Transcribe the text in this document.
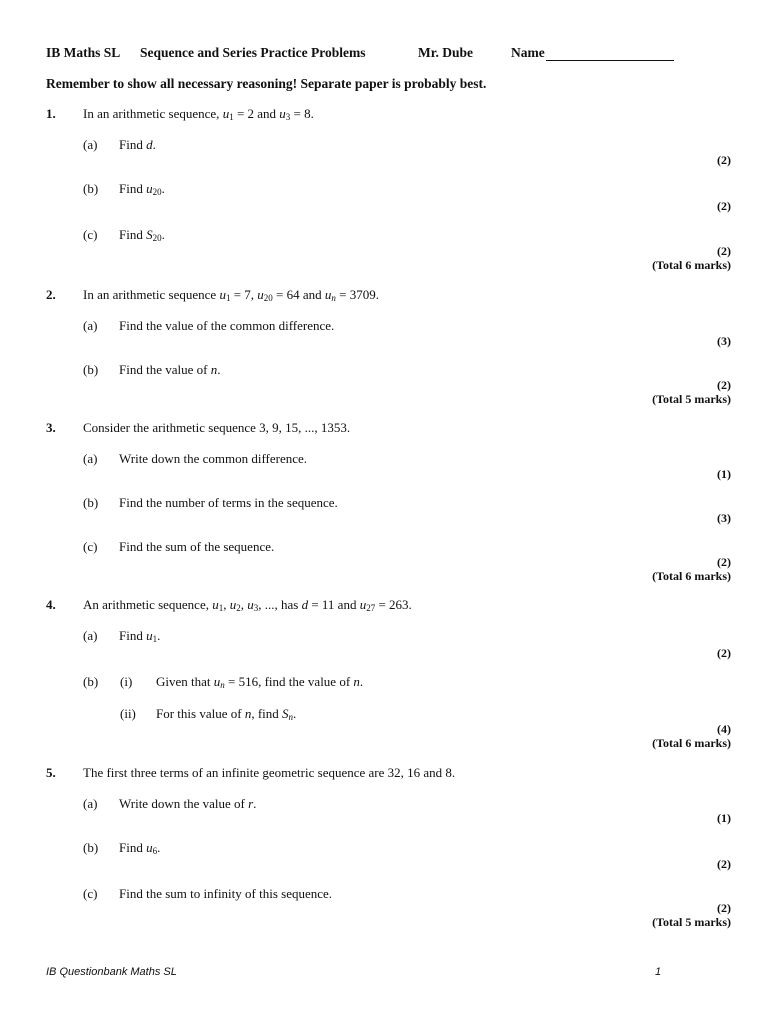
IB Maths SL Sequence and Series Practice Problems	Mr. Dube	Name
Remember to show all necessary reasoning! Separate paper is probably best.
1. In an arithmetic sequence, $u_1 = 2$ and $u_3 = 8$.
(a) Find d.
(2)
(b) Find $u_{20}$.
(2)
(c) Find $S_{20}$.
(2)
(Total 6 marks)
2. In an arithmetic sequence $u_1 = 7$, $u_{20} = 64$ and $u_n = 3709$.
(a) Find the value of the common difference.
(3)
(b) Find the value of n.
(2)
(Total 5 marks)
3. Consider the arithmetic sequence 3, 9, 15, ..., 1353.
(a) Write down the common difference.
(1)
(b) Find the number of terms in the sequence.
(3)
(c) Find the sum of the sequence.
(2)
(Total 6 marks)
4. An arithmetic sequence, $u_1$, $u_2$, $u_3$, ..., has d = 11 and $u_{27} = 263$.
(a) Find $u_1$.
(2)
(b) (i) Given that $u_n = 516$, find the value of n.
(ii) For this value of n, find $S_n$.
(4)
(Total 6 marks)
5. The first three terms of an infinite geometric sequence are 32, 16 and 8.
(a) Write down the value of r.
(1)
(b) Find $u_6$.
(2)
(c) Find the sum to infinity of this sequence.
(2)
(Total 5 marks)
IB Questionbank Maths SL	1
